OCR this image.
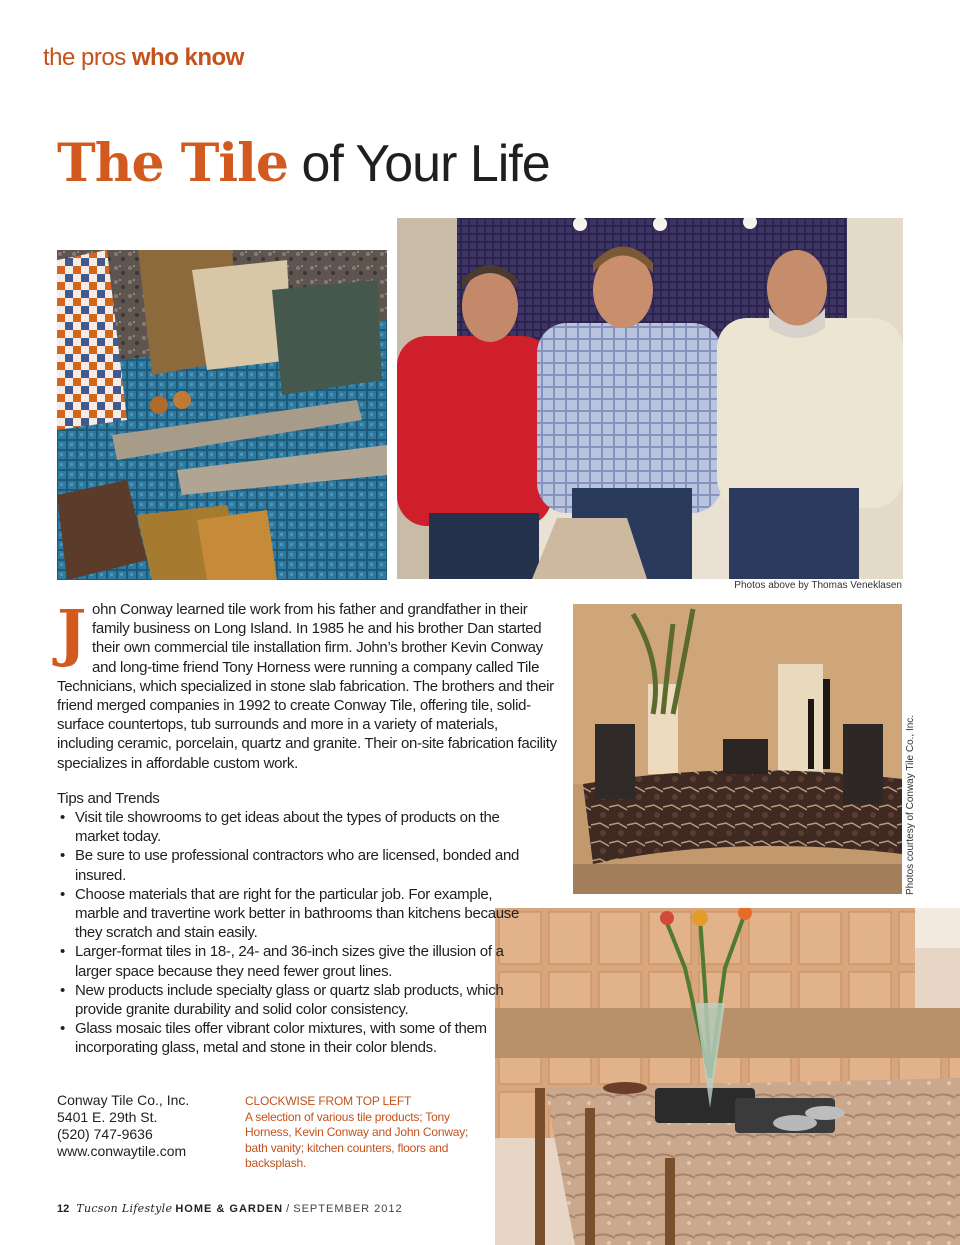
the pros who know
The Tile of Your Life
Photos above by Thomas Veneklasen
Photos courtesy of Conway Tile Co., Inc.
John Conway learned tile work from his father and grandfather in their family business on Long Island. In 1985 he and his brother Dan started their own commercial tile installation firm. John’s brother Kevin Conway and long-time friend Tony Horness were running a company called Tile Technicians, which specialized in stone slab fabrication. The brothers and their friend merged companies in 1992 to create Conway Tile, offering tile, solid-surface countertops, tub surrounds and more in a variety of materials, including ceramic, porcelain, quartz and granite. Their on-site fabrication facility specializes in affordable custom work.
Tips and Trends
• Visit tile showrooms to get ideas about the types of products on the market today.
• Be sure to use professional contractors who are licensed, bonded and insured.
• Choose materials that are right for the particular job. For example, marble and travertine work better in bathrooms than kitchens because they scratch and stain easily.
• Larger-format tiles in 18-, 24- and 36-inch sizes give the illusion of a larger space because they need fewer grout lines.
• New products include specialty glass or quartz slab products, which provide granite durability and solid color consistency.
• Glass mosaic tiles offer vibrant color mixtures, with some of them incorporating glass, metal and stone in their color blends.
Conway Tile Co., Inc.
5401 E. 29th St.
(520) 747-9636
www.conwaytile.com
CLOCKWISE FROM TOP LEFT
A selection of various tile products; Tony Horness, Kevin Conway and John Conway; bath vanity; kitchen counters, floors and backsplash.
12 Tucson Lifestyle HOME & GARDEN / SEPTEMBER 2012
